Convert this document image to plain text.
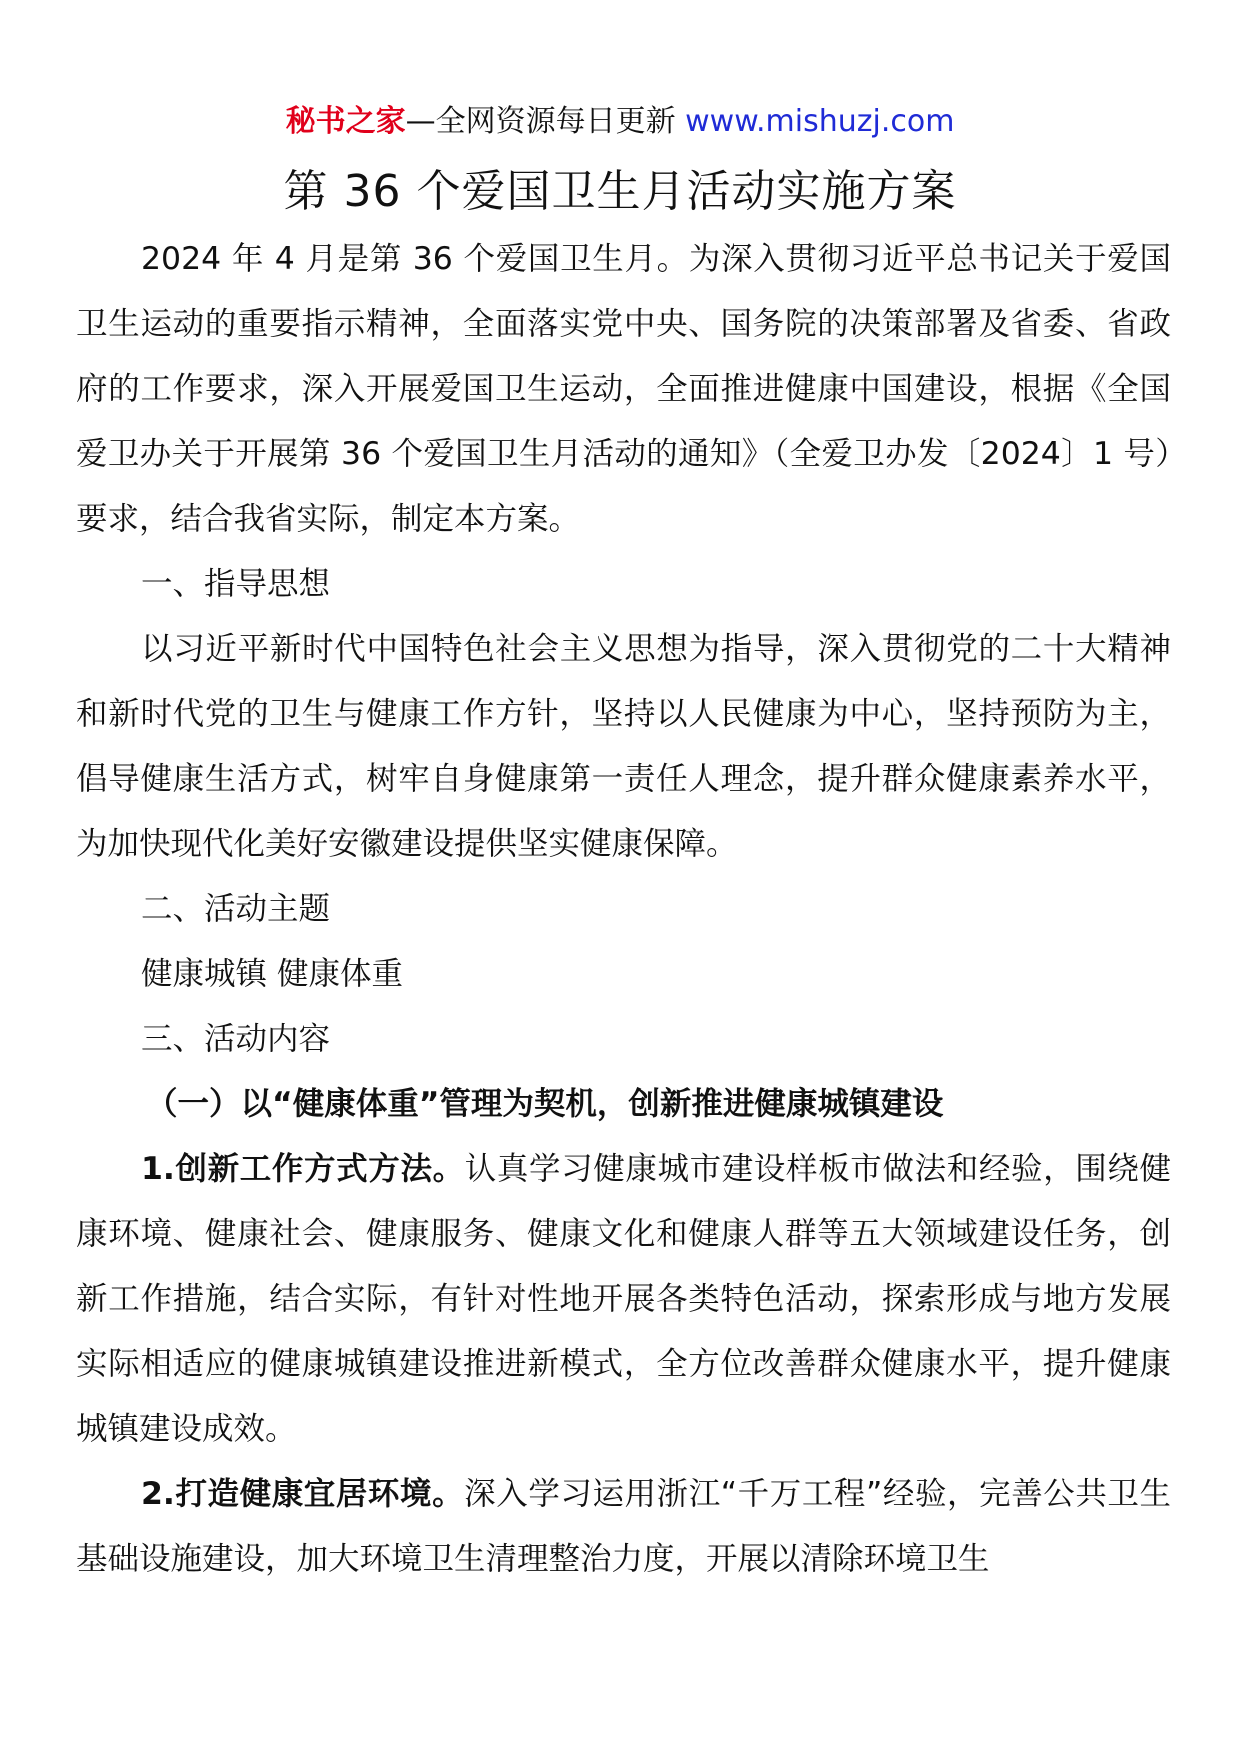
秘书之家—全网资源每日更新 www.mishuzj.com
第 36 个爱国卫生月活动实施方案

2024 年 4 月是第 36 个爱国卫生月。为深入贯彻习近平总书记关于爱国卫生运动的重要指示精神，全面落实党中央、国务院的决策部署及省委、省政府的工作要求，深入开展爱国卫生运动，全面推进健康中国建设，根据《全国爱卫办关于开展第 36 个爱国卫生月活动的通知》（全爱卫办发〔2024〕1 号）要求，结合我省实际，制定本方案。

一、指导思想

以习近平新时代中国特色社会主义思想为指导，深入贯彻党的二十大精神和新时代党的卫生与健康工作方针，坚持以人民健康为中心，坚持预防为主，倡导健康生活方式，树牢自身健康第一责任人理念，提升群众健康素养水平，为加快现代化美好安徽建设提供坚实健康保障。

二、活动主题

健康城镇 健康体重

三、活动内容

（一）以“健康体重”管理为契机，创新推进健康城镇建设

1.创新工作方式方法。认真学习健康城市建设样板市做法和经验，围绕健康环境、健康社会、健康服务、健康文化和健康人群等五大领域建设任务，创新工作措施，结合实际，有针对性地开展各类特色活动，探索形成与地方发展实际相适应的健康城镇建设推进新模式，全方位改善群众健康水平，提升健康城镇建设成效。

2.打造健康宜居环境。深入学习运用浙江“千万工程”经验，完善公共卫生基础设施建设，加大环境卫生清理整治力度，开展以清除环境卫生
